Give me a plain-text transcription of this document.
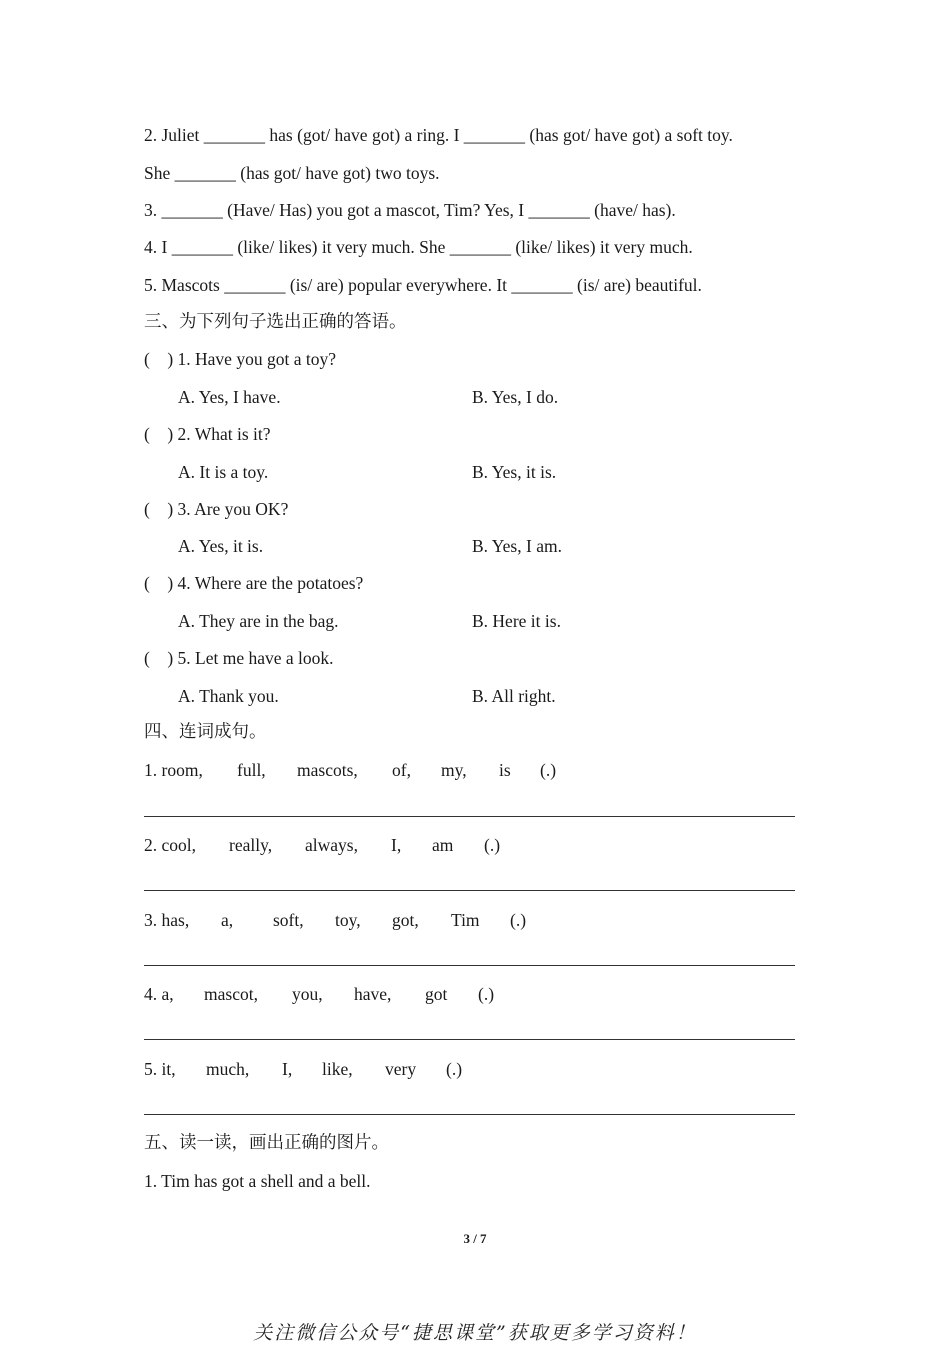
2. Juliet _______ has (got/ have got) a ring. I _______ (has got/ have got) a soft toy.
She _______ (has got/ have got) two toys.
3. _______ (Have/ Has) you got a mascot, Tim? Yes, I _______ (have/ has).
4. I _______ (like/ likes) it very much. She _______ (like/ likes) it very much.
5. Mascots _______ (is/ are) popular everywhere. It _______ (is/ are) beautiful.
三、为下列句子选出正确的答语。
(    ) 1. Have you got a toy?
A. Yes, I have.	B. Yes, I do.
(    ) 2. What is it?
A. It is a toy.	B. Yes, it is.
(    ) 3. Are you OK?
A. Yes, it is.	B. Yes, I am.
(    ) 4. Where are the potatoes?
A. They are in the bag.	B. Here it is.
(    ) 5. Let me have a look.
A. Thank you.	B. All right.
四、连词成句。
1. room, full, mascots, of, my, is (.)
2. cool, really, always, I, am (.)
3. has, a, soft, toy, got, Tim (.)
4. a, mascot, you, have, got (.)
5. it, much, I, like, very (.)
五、读一读，画出正确的图片。
1. Tim has got a shell and a bell.
3 / 7
关注微信公众号“捷思课堂”获取更多学习资料！
